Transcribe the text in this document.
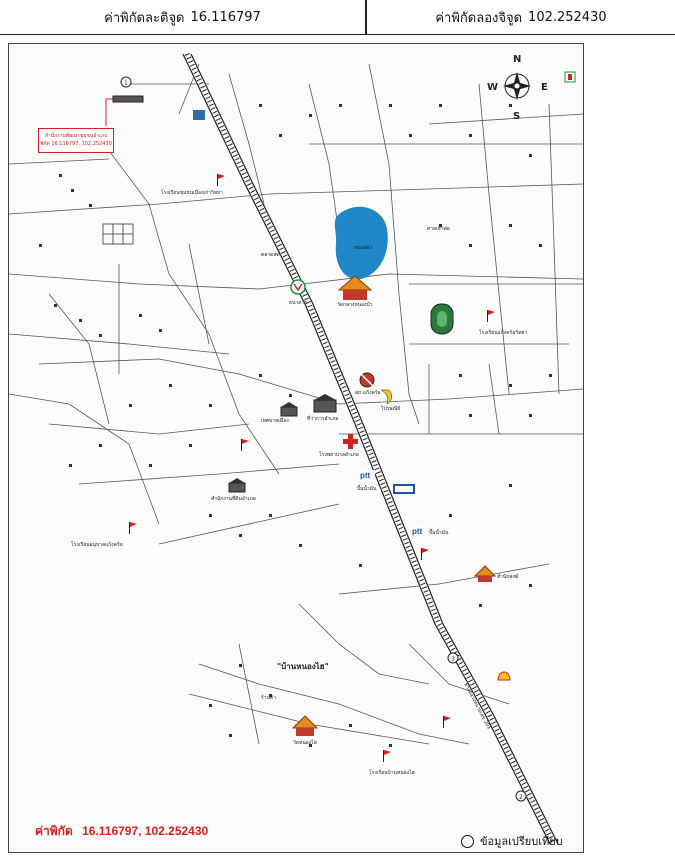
ค่าพิกัดละติจูด 16.116797	ค่าพิกัดลองจิจูด 102.252430
ทางหลวงหมายเลข 201
หนองบัว
N
S
W	E
วัดกลางหนองบัว
วัดหนองไฮ
สำนักสงฆ์
โรงพยาบาลอำเภอ
ที่ว่าการอำเภอ
เทศบาลเมือง
สำนักงานที่ดินอำเภอ
สภ.แก้งคร้อ
ไปรษณีย์
ธนาคาร
ptt
ปั๊มน้ำมัน
ptt ปั๊มน้ำมัน
โรงเรียนแก้งคร้อวิทยา
โรงเรียนชุมชนเมืองเก่าวิทยา
โรงเรียนบ้านหนองไฮ
โรงเรียนอนุบาลแก้งคร้อ
ตลาดสด
ศาลเจ้าพ่อ
ร้านค้า
1
2
3
"บ้านหนองไฮ"
สำนักงานพัฒนาชุมชนอำเภอ
พิกัด 16.116797, 102.252430
ค่าพิกัด 16.116797, 102.252430
ข้อมูลเปรียบเทียบ
